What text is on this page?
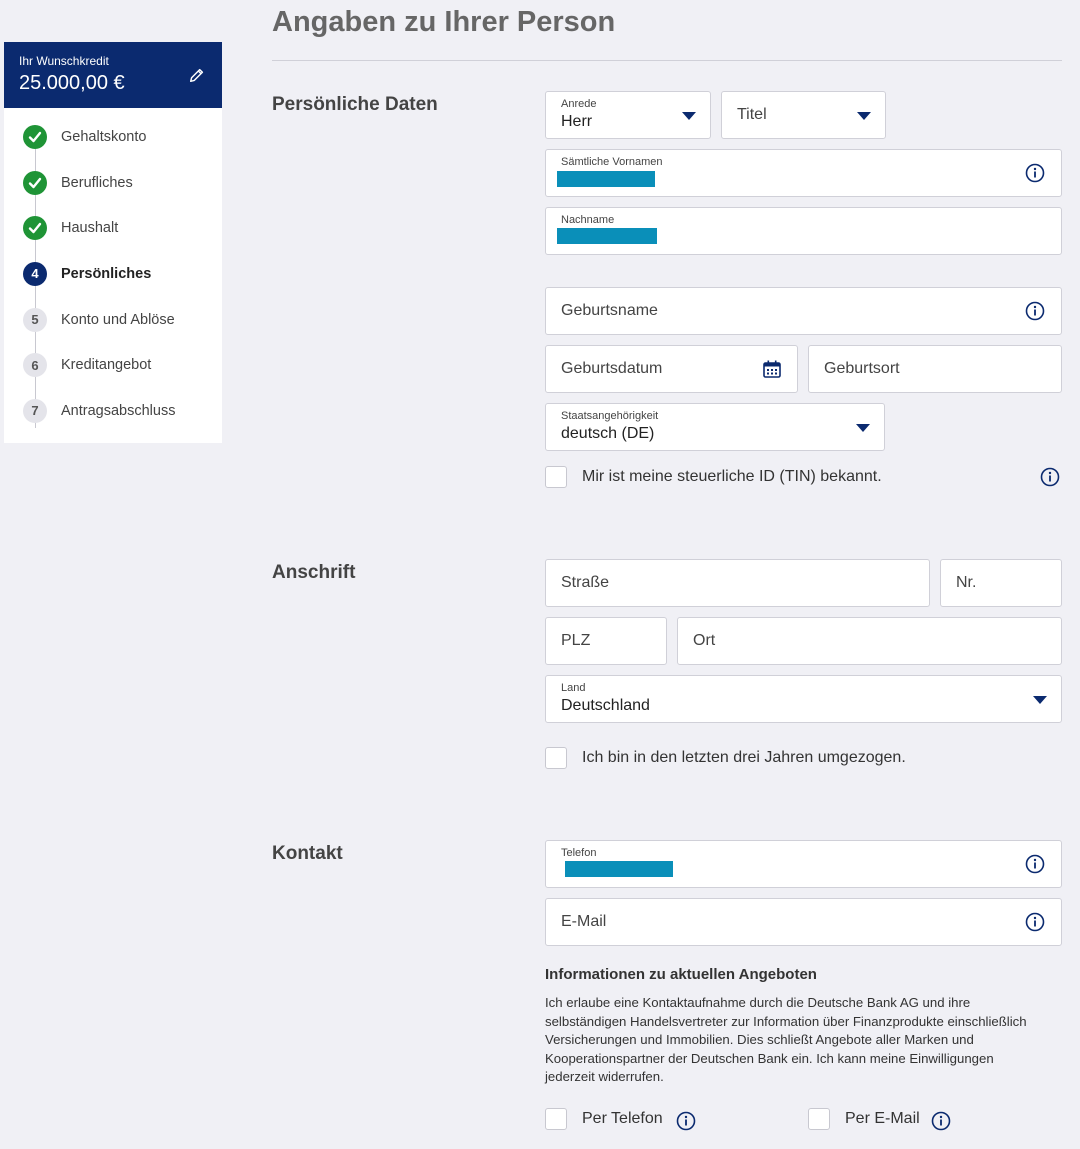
Ihr Wunschkredit
25.000,00 €
Gehaltskonto
Berufliches
Haushalt
4	Persönliches
5	Konto und Ablöse
6	Kreditangebot
7	Antragsabschluss
Angaben zu Ihrer Person
Persönliche Daten	Anrede
Herr	Titel
Sämtliche Vornamen
Nachname
Geburtsname
Geburtsdatum	Geburtsort
Staatsangehörigkeit
deutsch (DE)
Mir ist meine steuerliche ID (TIN) bekannt.
Anschrift	Straße	Nr.
PLZ	Ort
Land
Deutschland
Ich bin in den letzten drei Jahren umgezogen.
Kontakt	Telefon
E-Mail
Informationen zu aktuellen Angeboten
Ich erlaube eine Kontaktaufnahme durch die Deutsche Bank AG und ihre selbständigen Handelsvertreter zur Information über Finanzprodukte einschließlich Versicherungen und Immobilien. Dies schließt Angebote aller Marken und Kooperationspartner der Deutschen Bank ein. Ich kann meine Einwilligungen jederzeit widerrufen.
Per Telefon	Per E-Mail
